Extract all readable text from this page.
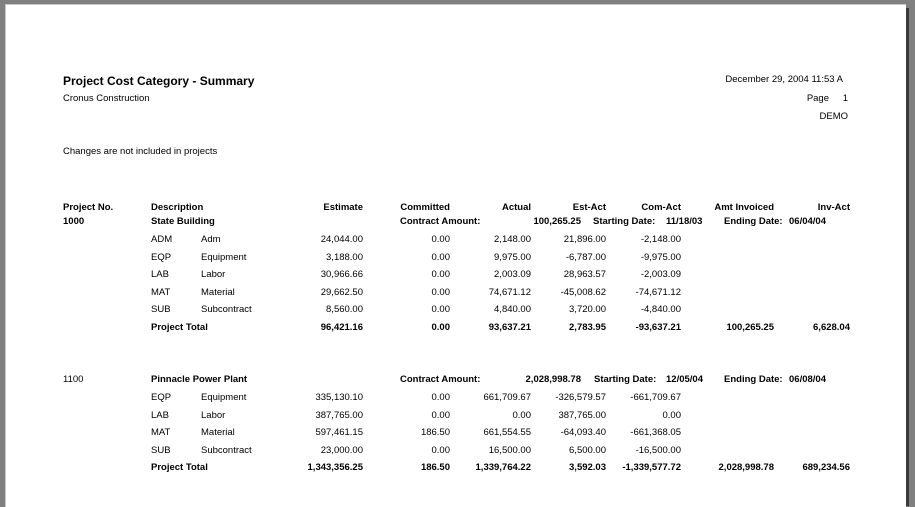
Project Cost Category - Summary
Cronus Construction
December 29, 2004 11:53 A
Page	1
DEMO
Changes are not included in projects
Project No.	Description	Estimate	Committed	Actual	Est-Act	Com-Act	Amt Invoiced	Inv-Act
1000	State Building	Contract Amount:	100,265.25 Starting Date: 11/18/03 Ending Date: 06/04/04
ADM	Adm	24,044.00	0.00	2,148.00	21,896.00	-2,148.00
EQP	Equipment	3,188.00	0.00	9,975.00	-6,787.00	-9,975.00
LAB	Labor	30,966.66	0.00	2,003.09	28,963.57	-2,003.09
MAT	Material	29,662.50	0.00	74,671.12	-45,008.62	-74,671.12
SUB	Subcontract	8,560.00	0.00	4,840.00	3,720.00	-4,840.00
Project Total	96,421.16	0.00	93,637.21	2,783.95	-93,637.21	100,265.25	6,628.04
1100	Pinnacle Power Plant	Contract Amount:	2,028,998.78 Starting Date: 12/05/04 Ending Date: 06/08/04
EQP	Equipment	335,130.10	0.00	661,709.67	-326,579.57	-661,709.67
LAB	Labor	387,765.00	0.00	0.00	387,765.00	0.00
MAT	Material	597,461.15	186.50	661,554.55	-64,093.40	-661,368.05
SUB	Subcontract	23,000.00	0.00	16,500.00	6,500.00	-16,500.00
Project Total	1,343,356.25	186.50	1,339,764.22	3,592.03	-1,339,577.72	2,028,998.78	689,234.56
